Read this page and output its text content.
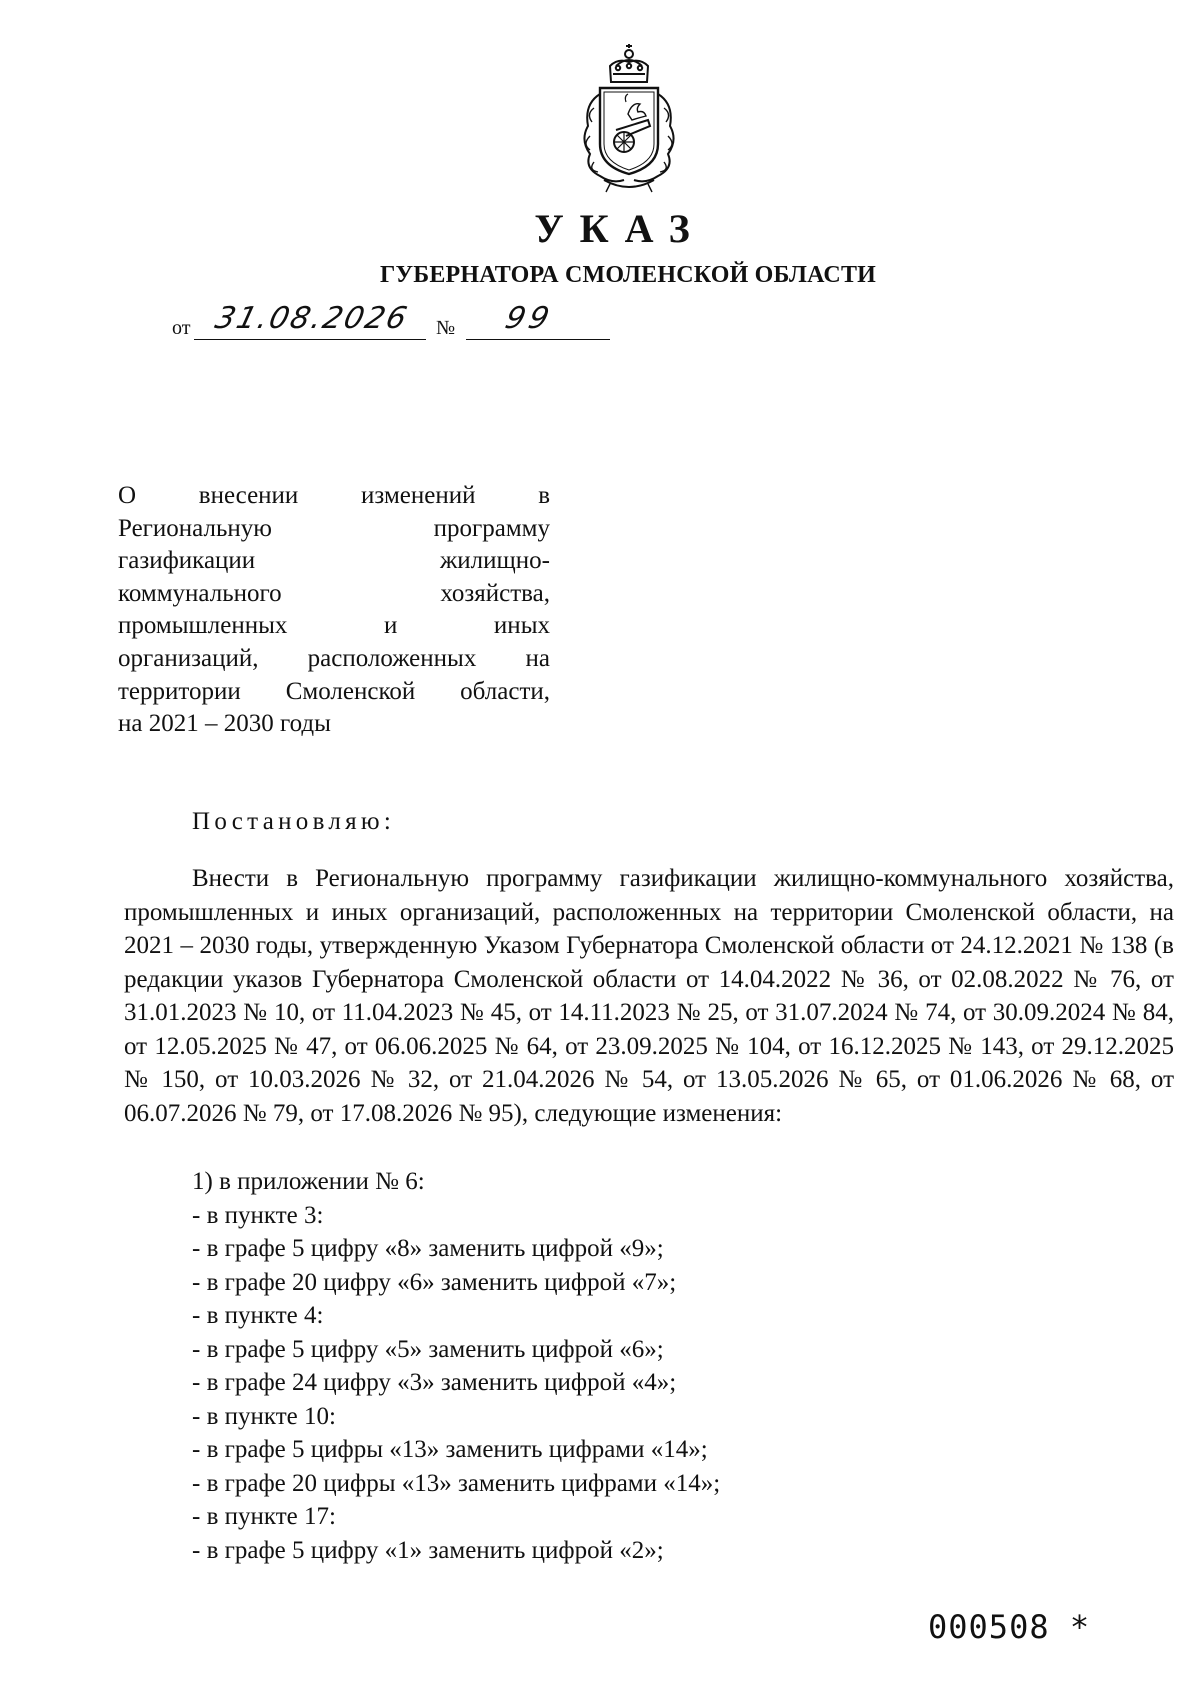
УКАЗ
ГУБЕРНАТОРА СМОЛЕНСКОЙ ОБЛАСТИ
от 31.08.2026 № 99
О внесении изменений в
Региональную программу
газификации жилищно-
коммунального хозяйства,
промышленных и иных
организаций, расположенных на
территории Смоленской области,
на 2021 – 2030 годы
Постановляю:

Внести в Региональную программу газификации жилищно-коммунального хозяйства, промышленных и иных организаций, расположенных на территории Смоленской области, на 2021 – 2030 годы, утвержденную Указом Губернатора Смоленской области от 24.12.2021 № 138 (в редакции указов Губернатора Смоленской области от 14.04.2022 № 36, от 02.08.2022 № 76, от 31.01.2023 № 10, от 11.04.2023 № 45, от 14.11.2023 № 25, от 31.07.2024 № 74, от 30.09.2024 № 84, от 12.05.2025 № 47, от 06.06.2025 № 64, от 23.09.2025 № 104, от 16.12.2025 № 143, от 29.12.2025 № 150, от 10.03.2026 № 32, от 21.04.2026 № 54, от 13.05.2026 № 65, от 01.06.2026 № 68, от 06.07.2026 № 79, от 17.08.2026 № 95), следующие изменения:

1) в приложении № 6:
- в пункте 3:
- в графе 5 цифру «8» заменить цифрой «9»;
- в графе 20 цифру «6» заменить цифрой «7»;
- в пункте 4:
- в графе 5 цифру «5» заменить цифрой «6»;
- в графе 24 цифру «3» заменить цифрой «4»;
- в пункте 10:
- в графе 5 цифры «13» заменить цифрами «14»;
- в графе 20 цифры «13» заменить цифрами «14»;
- в пункте 17:
- в графе 5 цифру «1» заменить цифрой «2»;
000508 *
